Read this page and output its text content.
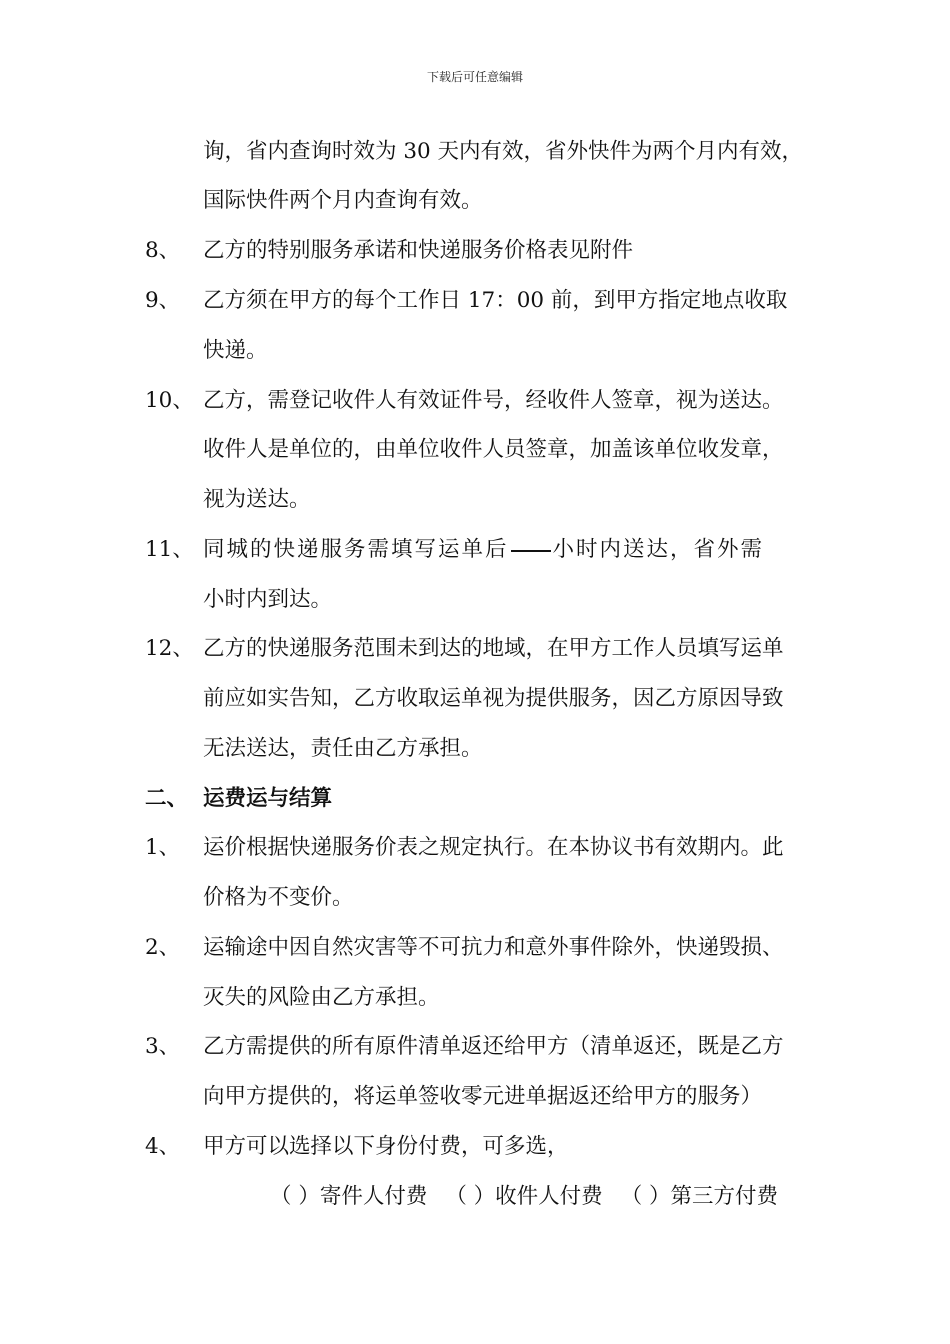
下载后可任意编辑
询，省内查询时效为 30 天内有效，省外快件为两个月内有效，
国际快件两个月内查询有效。
8、 乙方的特别服务承诺和快递服务价格表见附件
9、 乙方须在甲方的每个工作日 17：00 前，到甲方指定地点收取
快递。
10、 乙方，需登记收件人有效证件号，经收件人签章，视为送达。
收件人是单位的，由单位收件人员签章，加盖该单位收发章，
视为送达。
11、 同城的快递服务需填写运单后 小时内送达，省外需
小时内到达。
12、 乙方的快递服务范围未到达的地域，在甲方工作人员填写运单
前应如实告知，乙方收取运单视为提供服务，因乙方原因导致
无法送达，责任由乙方承担。
二、 运费运与结算
1、 运价根据快递服务价表之规定执行。在本协议书有效期内。此
价格为不变价。
2、 运输途中因自然灾害等不可抗力和意外事件除外，快递毁损、
灭失的风险由乙方承担。
3、 乙方需提供的所有原件清单返还给甲方（清单返还，既是乙方
向甲方提供的，将运单签收零元进单据返还给甲方的服务）
4、 甲方可以选择以下身份付费，可多选，
（ ）寄件人付费 （ ）收件人付费 （ ）第三方付费
